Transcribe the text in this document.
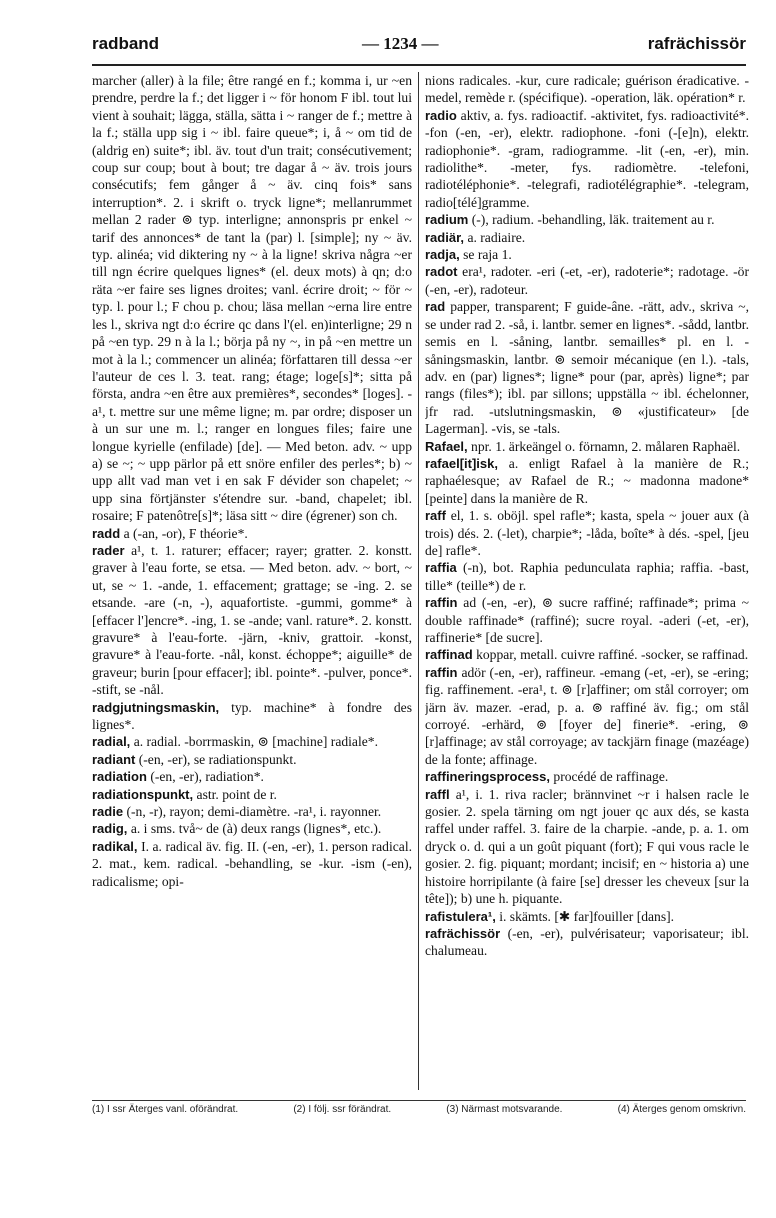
radband	— 1234 —	rafrächissör

marcher (aller) à la file; être rangé en f.; komma i, ur ~en prendre, perdre la f.; det ligger i ~ för honom F ibl. tout lui vient à souhait; lägga, ställa, sätta i ~ ranger de f.; mettre à la f.; ställa upp sig i ~ ibl. faire queue*; i, å ~ om tid de (aldrig en) suite*; ibl. äv. tout d'un trait; consécutivement; coup sur coup; bout à bout; tre dagar å ~ äv. trois jours consécutifs; fem gånger å ~ äv. cinq fois* sans interruption*. 2. i skrift o. tryck ligne*; mellanrummet mellan 2 rader ⊚ typ. interligne; annonspris pr enkel ~ tarif des annonces* de tant la (par) l. [simple]; ny ~ äv. typ. alinéa; vid diktering ny ~ à la ligne! skriva några ~er till ngn écrire quelques lignes* (el. deux mots) à qn; d:o räta ~er faire ses lignes droites; vanl. écrire droit; ~ för ~ typ. l. pour l.; F chou p. chou; läsa mellan ~erna lire entre les l., skriva ngt d:o écrire qc dans l'(el. en)interligne; 29 n på ~en typ. 29 n à la l.; börja på ny ~, in på ~en mettre un mot à la l.; commencer un alinéa; författaren till dessa ~er l'auteur de ces l. 3. teat. rang; étage; loge[s]*; sitta på första, andra ~en être aux premières*, secondes* [loges]. -a¹, t. mettre sur une même ligne; m. par ordre; disposer un à un sur une m. l.; ranger en longues files; faire une longue kyrielle (enfilade) [de]. — Med beton. adv. ~ upp a) se ~; ~ upp pärlor på ett snöre enfiler des perles*; b) ~ upp allt vad man vet i en sak F dévider son chapelet; ~ upp sina förtjänster s'étendre sur. -band, chapelet; ibl. rosaire; F patenôtre[s]*; läsa sitt ~ dire (égrener) son ch.

radd a (-an, -or), F théorie*.

rader a¹, t. 1. raturer; effacer; rayer; gratter. 2. konstt. graver à l'eau forte, se etsa. — Med beton. adv. ~ bort, ~ ut, se ~ 1. -ande, 1. effacement; grattage; se -ing. 2. se etsande. -are (-n, -), aquafortiste. -gummi, gomme* à [effacer l']encre*. -ing, 1. se -ande; vanl. rature*. 2. konstt. gravure* à l'eau-forte. -järn, -kniv, grattoir. -konst, gravure* à l'eau-forte. -nål, konst. échoppe*; aiguille* de graveur; burin [pour effacer]; ibl. pointe*. -pulver, ponce*. -stift, se -nål.

radgjutningsmaskin, typ. machine* à fondre des lignes*.

radial, a. radial. -borrmaskin, ⊚ [machine] radiale*.

radiant (-en, -er), se radiationspunkt.

radiation (-en, -er), radiation*.

radiationspunkt, astr. point de r.

radie (-n, -r), rayon; demi-diamètre. -ra¹, i. rayonner.

radig, a. i sms. två~ de (à) deux rangs (lignes*, etc.).

radikal, I. a. radical äv. fig. II. (-en, -er), 1. person radical. 2. mat., kem. radical. -behandling, se -kur. -ism (-en), radicalisme; opi-

nions radicales. -kur, cure radicale; guérison éradicative. -medel, remède r. (spécifique). -operation, läk. opération* r.

radio aktiv, a. fys. radioactif. -aktivitet, fys. radioactivité*. -fon (-en, -er), elektr. radiophone. -foni (-[e]n), elektr. radiophonie*. -gram, radiogramme. -lit (-en, -er), min. radiolithe*. -meter, fys. radiomètre. -telefoni, radiotéléphonie*. -telegrafi, radiotélégraphie*. -telegram, radio[télé]gramme.

radium (-), radium. -behandling, läk. traitement au r.

radiär, a. radiaire.

radja, se raja 1.

radot era¹, radoter. -eri (-et, -er), radoterie*; radotage. -ör (-en, -er), radoteur.

rad papper, transparent; F guide-âne. -rätt, adv., skriva ~, se under rad 2. -så, i. lantbr. semer en lignes*. -sådd, lantbr. semis en l. -såning, lantbr. semailles* pl. en l. -såningsmaskin, lantbr. ⊚ semoir mécanique (en l.). -tals, adv. en (par) lignes*; ligne* pour (par, après) ligne*; par rangs (files*); ibl. par sillons; uppställa ~ ibl. échelonner, jfr rad. -utslutningsmaskin, ⊚ «justificateur» [de Lagerman]. -vis, se -tals.

Rafael, npr. 1. ärkeängel o. förnamn, 2. målaren Raphaël.

rafael[it]isk, a. enligt Rafael à la manière de R.; raphaélesque; av Rafael de R.; ~ madonna madone* [peinte] dans la manière de R.

raff el, 1. s. oböjl. spel rafle*; kasta, spela ~ jouer aux (à trois) dés. 2. (-let), charpie*; -låda, boîte* à dés. -spel, [jeu de] rafle*.

raffia (-n), bot. Raphia pedunculata raphia; raffia. -bast, tille* (teille*) de r.

raffin ad (-en, -er), ⊚ sucre raffiné; raffinade*; prima ~ double raffinade* (raffiné); sucre royal. -aderi (-et, -er), raffinerie* [de sucre].

raffinad koppar, metall. cuivre raffiné. -socker, se raffinad.

raffin adör (-en, -er), raffineur. -emang (-et, -er), se -ering; fig. raffinement. -era¹, t. ⊚ [r]affiner; om stål corroyer; om järn äv. mazer. -erad, p. a. ⊚ raffiné äv. fig.; om stål corroyé. -erhärd, ⊚ [foyer de] finerie*. -ering, ⊚ [r]affinage; av stål corroyage; av tackjärn finage (mazéage) de la fonte; affinage.

raffineringsprocess, procédé de raffinage.

raffl a¹, i. 1. riva racler; brännvinet ~r i halsen racle le gosier. 2. spela tärning om ngt jouer qc aux dés, se kasta raffel under raffel. 3. faire de la charpie. -ande, p. a. 1. om dryck o. d. qui a un goût piquant (fort); F qui vous racle le gosier. 2. fig. piquant; mordant; incisif; en ~ historia a) une histoire horripilante (à faire [se] dresser les cheveux [sur la tête]); b) une h. piquante.

rafistulera¹, i. skämts. [✱ far]fouiller [dans].

rafrächissör (-en, -er), pulvérisateur; vaporisateur; ibl. chalumeau.

(1) I ssr Äterges vanl. oförändrat.	(2) I följ. ssr förändrat.	(3) Närmast motsvarande.	(4) Äterges genom omskrivn.
